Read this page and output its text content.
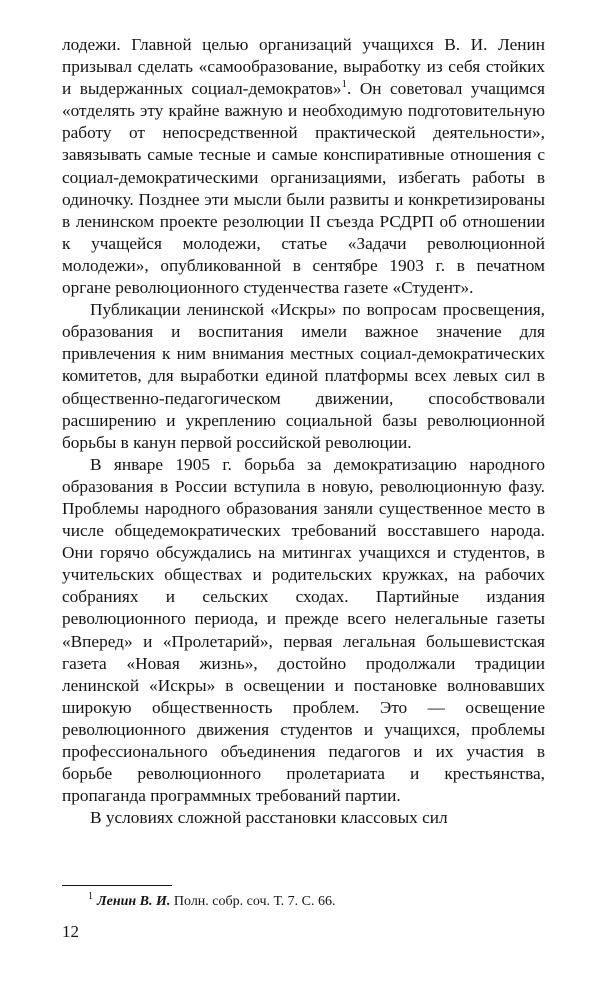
лодежи. Главной целью организаций учащихся В. И. Ленин призывал сделать «самообразование, выработку из себя стойких и выдержанных социал-демократов»$^1$. Он советовал учащимся «отделять эту крайне важную и необходимую подготовительную работу от непосредственной практической деятельности», завязывать самые тесные и самые конспиративные отношения с социал-демократическими организациями, избегать работы в одиночку. Позднее эти мысли были развиты и конкретизированы в ленинском проекте резолюции II съезда РСДРП об отношении к учащейся молодежи, статье «Задачи революционной молодежи», опубликованной в сентябре 1903 г. в печатном органе революционного студенчества газете «Студент».

Публикации ленинской «Искры» по вопросам просвещения, образования и воспитания имели важное значение для привлечения к ним внимания местных социал-демократических комитетов, для выработки единой платформы всех левых сил в общественно-педагогическом движении, способствовали расширению и укреплению социальной базы революционной борьбы в канун первой российской революции.

В январе 1905 г. борьба за демократизацию народного образования в России вступила в новую, революционную фазу. Проблемы народного образования заняли существенное место в числе общедемократических требований восставшего народа. Они горячо обсуждались на митингах учащихся и студентов, в учительских обществах и родительских кружках, на рабочих собраниях и сельских сходах. Партийные издания революционного периода, и прежде всего нелегальные газеты «Вперед» и «Пролетарий», первая легальная большевистская газета «Новая жизнь», достойно продолжали традиции ленинской «Искры» в освещении и постановке волновавших широкую общественность проблем. Это — освещение революционного движения студентов и учащихся, проблемы профессионального объединения педагогов и их участия в борьбе революционного пролетариата и крестьянства, пропаганда программных требований партии.

В условиях сложной расстановки классовых сил

$^1$ Ленин В. И. Полн. собр. соч. Т. 7. С. 66.

12
